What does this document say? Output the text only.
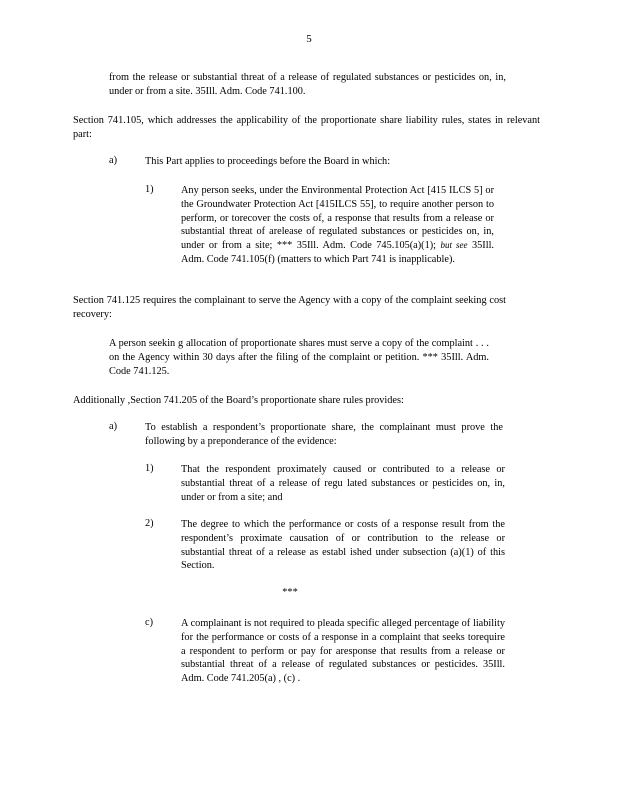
5
from the release or substantial threat of a release of regulated substances or pesticides on, in, under or from a site. 35Ill. Adm. Code 741.100.
Section 741.105, which addresses the applicability of the proportionate share liability rules, states in relevant part:
a)	This Part applies to proceedings before the Board in which:
1)	Any person seeks, under the Environmental Protection Act [415 ILCS 5] or the Groundwater Protection Act [415ILCS 55], to require another person to perform, or torecover the costs of, a response that results from a release or substantial threat of arelease of regulated substances or pesticides on, in, under or from a site; *** 35Ill. Adm. Code 745.105(a)(1); but see 35Ill. Adm. Code 741.105(f) (matters to which Part 741 is inapplicable).
Section 741.125 requires the complainant to serve the Agency with a copy of the complaint seeking cost recovery:
A person seekin g allocation of proportionate shares must serve a copy of the complaint . . . on the Agency within 30 days after the filing of the complaint or petition. *** 35Ill. Adm. Code 741.125.
Additionally ,Section 741.205 of the Board’s proportionate share rules provides:
a)	To establish a respondent’s proportionate share, the complainant must prove the following by a preponderance of the evidence:
1)	That the respondent proximately caused or contributed to a release or substantial threat of a release of regu lated substances or pesticides on, in, under or from a site; and
2)	The degree to which the performance or costs of a response result from the respondent’s proximate causation of or contribution to the release or substantial threat of a release as establ ished under subsection (a)(1) of this Section.
***
c)	A complainant is not required to pleada specific alleged percentage of liability for the performance or costs of a response in a complaint that seeks torequire a respondent to perform or pay for aresponse that results from a release or substantial threat of a release of regulated substances or pesticides. 35Ill. Adm. Code 741.205(a) , (c) .
